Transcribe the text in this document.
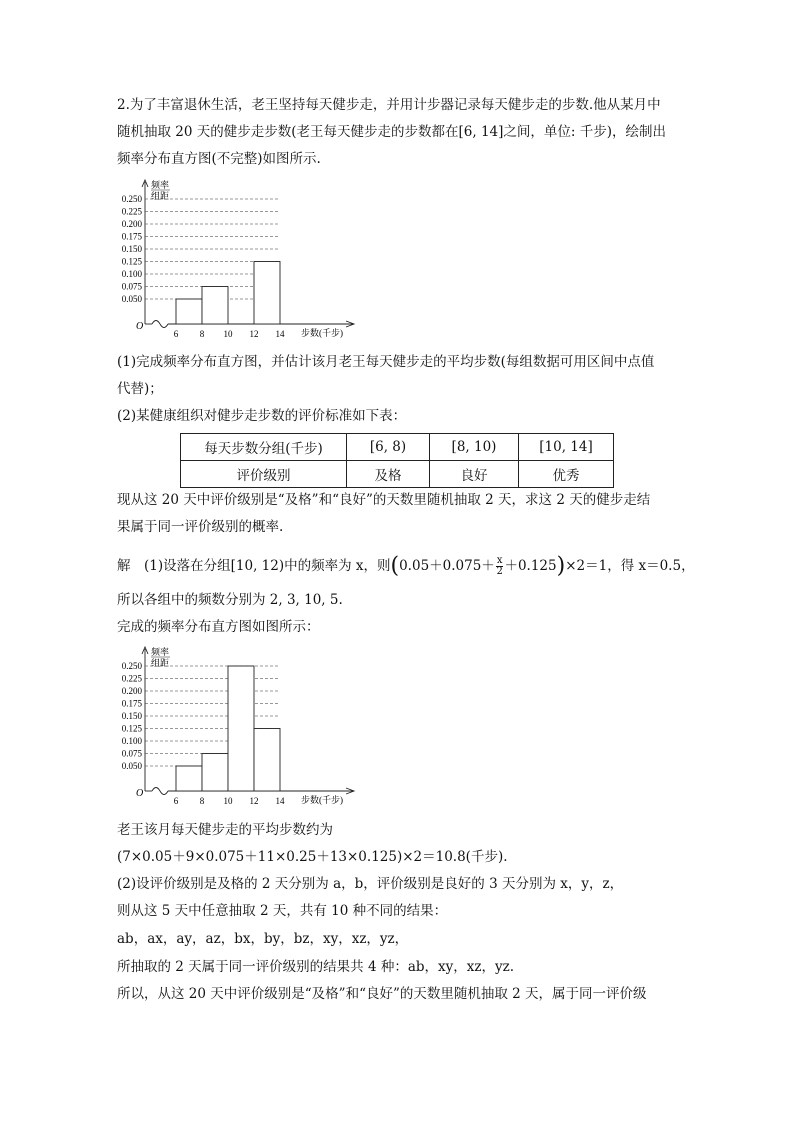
2.为了丰富退休生活，老王坚持每天健步走，并用计步器记录每天健步走的步数.他从某月中
随机抽取 20 天的健步走步数(老王每天健步走的步数都在[6, 14]之间，单位: 千步)，绘制出
频率分布直方图(不完整)如图所示.
频率
组距
O
0.050
0.075
0.100
0.125
0.150
0.175
0.200
0.225
0.250
6 8 10 12 14 步数(千步)
(1)完成频率分布直方图，并估计该月老王每天健步走的平均步数(每组数据可用区间中点值
代替)；
(2)某健康组织对健步走步数的评价标准如下表：
每天步数分组(千步)	[6, 8)	[8, 10)	[10, 14]
评价级别	及格	良好	优秀
现从这 20 天中评价级别是“及格”和“良好”的天数里随机抽取 2 天，求这 2 天的健步走结
果属于同一评价级别的概率.
解　(1)设落在分组[10, 12)中的频率为 x，则$(0.05+0.075+ \frac{x}{2} +0.125)\times 2=1$，得 x＝0.5，
所以各组中的频数分别为 2, 3, 10, 5.
完成的频率分布直方图如图所示：
频率
组距
O
0.050
0.075
0.100
0.125
0.150
0.175
0.200
0.225
0.250
6 8 10 12 14 步数(千步)
老王该月每天健步走的平均步数约为
(7×0.05＋9×0.075＋11×0.25＋13×0.125)×2＝10.8(千步).
(2)设评价级别是及格的 2 天分别为 a，b，评价级别是良好的 3 天分别为 x，y，z，
则从这 5 天中任意抽取 2 天，共有 10 种不同的结果：
ab，ax，ay，az，bx，by，bz，xy，xz，yz，
所抽取的 2 天属于同一评价级别的结果共 4 种：ab，xy，xz，yz.
所以，从这 20 天中评价级别是“及格”和“良好”的天数里随机抽取 2 天，属于同一评价级
